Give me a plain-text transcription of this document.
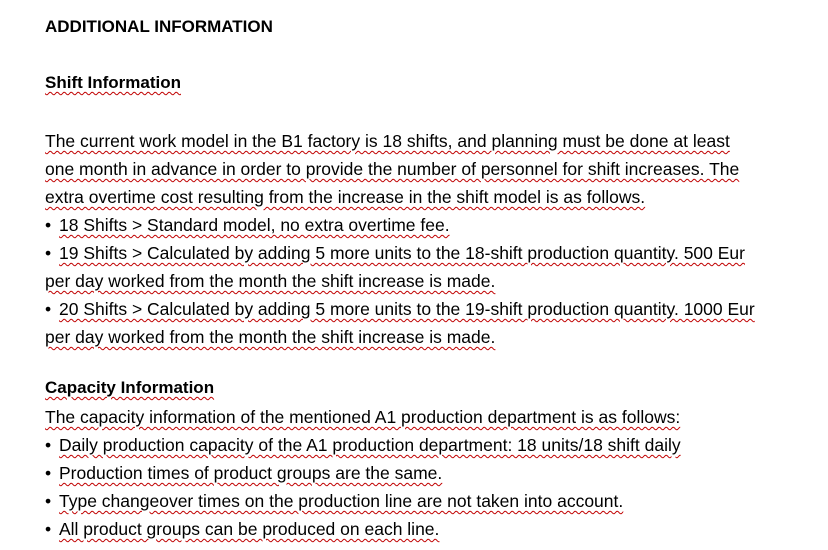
ADDITIONAL INFORMATION
Shift Information
The current work model in the B1 factory is 18 shifts, and planning must be done at least
one month in advance in order to provide the number of personnel for shift increases. The
extra overtime cost resulting from the increase in the shift model is as follows.
• 18 Shifts > Standard model, no extra overtime fee.
• 19 Shifts > Calculated by adding 5 more units to the 18-shift production quantity. 500 Eur
per day worked from the month the shift increase is made.
• 20 Shifts > Calculated by adding 5 more units to the 19-shift production quantity. 1000 Eur
per day worked from the month the shift increase is made.
Capacity Information
The capacity information of the mentioned A1 production department is as follows:
• Daily production capacity of the A1 production department: 18 units/18 shift daily
• Production times of product groups are the same.
• Type changeover times on the production line are not taken into account.
• All product groups can be produced on each line.
